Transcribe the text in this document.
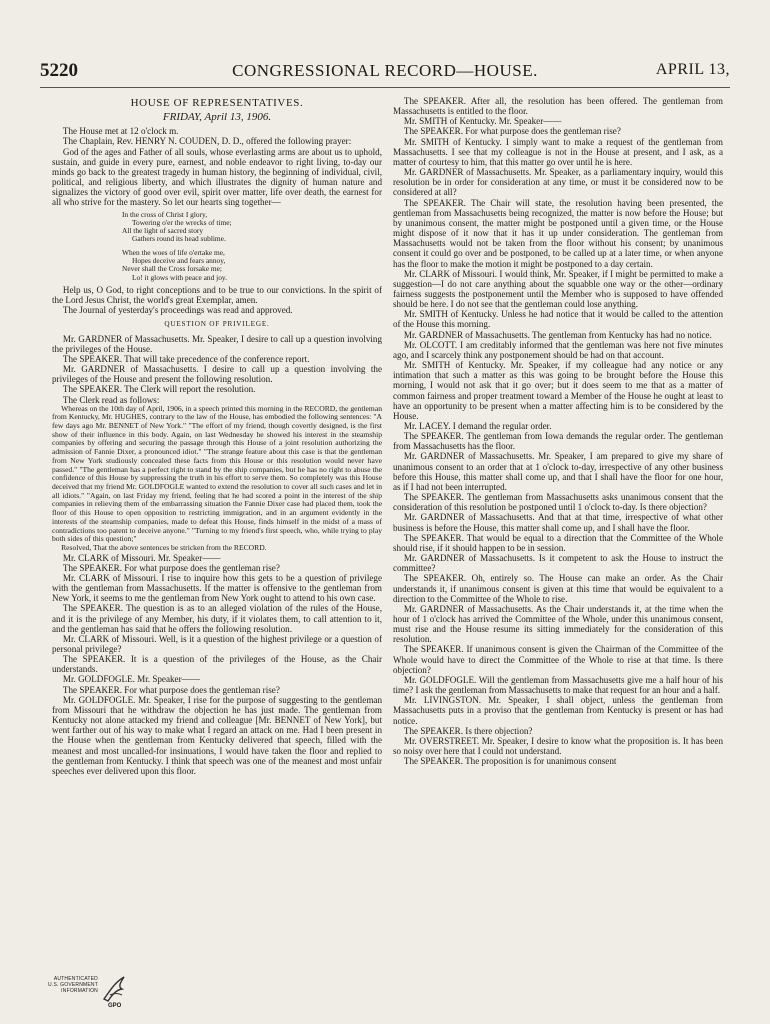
5220	CONGRESSIONAL RECORD—HOUSE.	APRIL 13,

HOUSE OF REPRESENTATIVES.

FRIDAY, April 13, 1906.

The House met at 12 o'clock m.

The Chaplain, Rev. HENRY N. COUDEN, D. D., offered the following prayer:

God of the ages and Father of all souls, whose everlasting arms are about us to uphold, sustain, and guide in every pure, earnest, and noble endeavor to right living, to-day our minds go back to the greatest tragedy in human history, the beginning of individual, civil, political, and religious liberty, and which illustrates the dignity of human nature and signalizes the victory of good over evil, spirit over matter, life over death, the earnest for all who strive for the mastery. So let our hearts sing together—

In the cross of Christ I glory,
Towering o'er the wrecks of time;
All the light of sacred story
Gathers round its head sublime.
When the woes of life o'ertake me,
Hopes deceive and fears annoy,
Never shall the Cross forsake me;
Lo! it glows with peace and joy.

Help us, O God, to right conceptions and to be true to our convictions. In the spirit of the Lord Jesus Christ, the world's great Exemplar, amen.

The Journal of yesterday's proceedings was read and approved.

QUESTION OF PRIVILEGE.

Mr. GARDNER of Massachusetts. Mr. Speaker, I desire to call up a question involving the privileges of the House.

The SPEAKER. That will take precedence of the conference report.

Mr. GARDNER of Massachusetts. I desire to call up a question involving the privileges of the House and present the following resolution.

The SPEAKER. The Clerk will report the resolution.

The Clerk read as follows:

Whereas on the 10th day of April, 1906, in a speech printed this morning in the RECORD, the gentleman from Kentucky, Mr. HUGHES, contrary to the law of the House, has embodied the following sentences: "A few days ago Mr. BENNET of New York." "The effort of my friend, though covertly designed, is the first show of their influence in this body. Again, on last Wednesday he showed his interest in the steamship companies by offering and securing the passage through this House of a joint resolution authorizing the admission of Fannie Dixer, a pronounced idiot." "The strange feature about this case is that the gentleman from New York studiously concealed these facts from this House or this resolution would never have passed." "The gentleman has a perfect right to stand by the ship companies, but he has no right to abuse the confidence of this House by suppressing the truth in his effort to serve them. So completely was this House deceived that my friend Mr. GOLDFOGLE wanted to extend the resolution to cover all such cases and let in all idiots." "Again, on last Friday my friend, feeling that he had scored a point in the interest of the ship companies in relieving them of the embarrassing situation the Fannie Dixer case had placed them, took the floor of this House to open opposition to restricting immigration, and in an argument evidently in the interests of the steamship companies, made to defeat this House, finds himself in the midst of a mass of contradictions too patent to deceive anyone." "Turning to my friend's first speech, who, while trying to play both sides of this question;"

Resolved, That the above sentences be stricken from the RECORD.

Mr. CLARK of Missouri. Mr. Speaker——

The SPEAKER. For what purpose does the gentleman rise?

Mr. CLARK of Missouri. I rise to inquire how this gets to be a question of privilege with the gentleman from Massachusetts. If the matter is offensive to the gentleman from New York, it seems to me the gentleman from New York ought to attend to his own case.

The SPEAKER. The question is as to an alleged violation of the rules of the House, and it is the privilege of any Member, his duty, if it violates them, to call attention to it, and the gentleman has said that he offers the following resolution.

Mr. CLARK of Missouri. Well, is it a question of the highest privilege or a question of personal privilege?

The SPEAKER. It is a question of the privileges of the House, as the Chair understands.

Mr. GOLDFOGLE. Mr. Speaker——

The SPEAKER. For what purpose does the gentleman rise?

Mr. GOLDFOGLE. Mr. Speaker, I rise for the purpose of suggesting to the gentleman from Missouri that he withdraw the objection he has just made. The gentleman from Kentucky not alone attacked my friend and colleague [Mr. BENNET of New York], but went farther out of his way to make what I regard an attack on me. Had I been present in the House when the gentleman from Kentucky delivered that speech, filled with the meanest and most uncalled-for insinuations, I would have taken the floor and replied to the gentleman from Kentucky. I think that speech was one of the meanest and most unfair speeches ever delivered upon this floor.

The SPEAKER. After all, the resolution has been offered. The gentleman from Massachusetts is entitled to the floor.

Mr. SMITH of Kentucky. Mr. Speaker——

The SPEAKER. For what purpose does the gentleman rise?

Mr. SMITH of Kentucky. I simply want to make a request of the gentleman from Massachusetts. I see that my colleague is not in the House at present, and I ask, as a matter of courtesy to him, that this matter go over until he is here.

Mr. GARDNER of Massachusetts. Mr. Speaker, as a parliamentary inquiry, would this resolution be in order for consideration at any time, or must it be considered now to be considered at all?

The SPEAKER. The Chair will state, the resolution having been presented, the gentleman from Massachusetts being recognized, the matter is now before the House; but by unanimous consent, the matter might be postponed until a given time, or the House might dispose of it now that it has it up under consideration. The gentleman from Massachusetts would not be taken from the floor without his consent; by unanimous consent it could go over and be postponed, to be called up at a later time, or when anyone has the floor to make the motion it might be postponed to a day certain.

Mr. CLARK of Missouri. I would think, Mr. Speaker, if I might be permitted to make a suggestion—I do not care anything about the squabble one way or the other—ordinary fairness suggests the postponement until the Member who is supposed to have offended should be here. I do not see that the gentleman could lose anything.

Mr. SMITH of Kentucky. Unless he had notice that it would be called to the attention of the House this morning.

Mr. GARDNER of Massachusetts. The gentleman from Kentucky has had no notice.

Mr. OLCOTT. I am creditably informed that the gentleman was here not five minutes ago, and I scarcely think any postponement should be had on that account.

Mr. SMITH of Kentucky. Mr. Speaker, if my colleague had any notice or any intimation that such a matter as this was going to be brought before the House this morning, I would not ask that it go over; but it does seem to me that as a matter of common fairness and proper treatment toward a Member of the House he ought at least to have an opportunity to be present when a matter affecting him is to be considered by the House.

Mr. LACEY. I demand the regular order.

The SPEAKER. The gentleman from Iowa demands the regular order. The gentleman from Massachusetts has the floor.

Mr. GARDNER of Massachusetts. Mr. Speaker, I am prepared to give my share of unanimous consent to an order that at 1 o'clock to-day, irrespective of any other business before this House, this matter shall come up, and that I shall have the floor for one hour, as if I had not been interrupted.

The SPEAKER. The gentleman from Massachusetts asks unanimous consent that the consideration of this resolution be postponed until 1 o'clock to-day. Is there objection?

Mr. GARDNER of Massachusetts. And that at that time, irrespective of what other business is before the House, this matter shall come up, and I shall have the floor.

The SPEAKER. That would be equal to a direction that the Committee of the Whole should rise, if it should happen to be in session.

Mr. GARDNER of Massachusetts. Is it competent to ask the House to instruct the committee?

The SPEAKER. Oh, entirely so. The House can make an order. As the Chair understands it, if unanimous consent is given at this time that would be equivalent to a direction to the Committee of the Whole to rise.

Mr. GARDNER of Massachusetts. As the Chair understands it, at the time when the hour of 1 o'clock has arrived the Committee of the Whole, under this unanimous consent, must rise and the House resume its sitting immediately for the consideration of this resolution.

The SPEAKER. If unanimous consent is given the Chairman of the Committee of the Whole would have to direct the Committee of the Whole to rise at that time. Is there objection?

Mr. GOLDFOGLE. Will the gentleman from Massachusetts give me a half hour of his time? I ask the gentleman from Massachusetts to make that request for an hour and a half.

Mr. LIVINGSTON. Mr. Speaker, I shall object, unless the gentleman from Massachusetts puts in a proviso that the gentleman from Kentucky is present or has had notice.

The SPEAKER. Is there objection?

Mr. OVERSTREET. Mr. Speaker, I desire to know what the proposition is. It has been so noisy over here that I could not understand.

The SPEAKER. The proposition is for unanimous consent

AUTHENTICATED
U.S. GOVERNMENT
INFORMATION
GPO
